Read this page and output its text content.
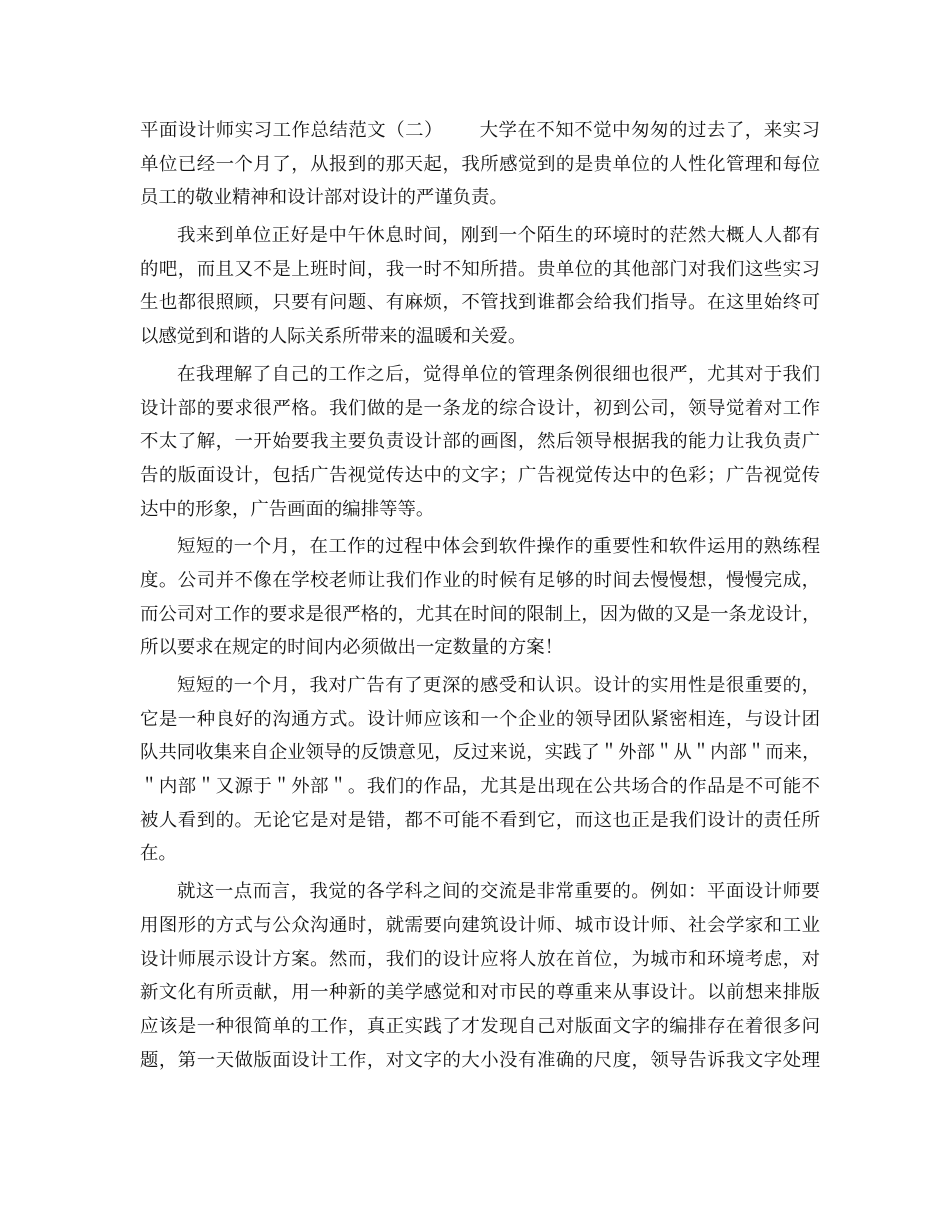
平面设计师实习工作总结范文（二） 大学在不知不觉中匆匆的过去了，来实习
单位已经一个月了，从报到的那天起，我所感觉到的是贵单位的人性化管理和每位
员工的敬业精神和设计部对设计的严谨负责。
我来到单位正好是中午休息时间，刚到一个陌生的环境时的茫然大概人人都有
的吧，而且又不是上班时间，我一时不知所措。贵单位的其他部门对我们这些实习
生也都很照顾，只要有问题、有麻烦，不管找到谁都会给我们指导。在这里始终可
以感觉到和谐的人际关系所带来的温暖和关爱。
在我理解了自己的工作之后，觉得单位的管理条例很细也很严，尤其对于我们
设计部的要求很严格。我们做的是一条龙的综合设计，初到公司，领导觉着对工作
不太了解，一开始要我主要负责设计部的画图，然后领导根据我的能力让我负责广
告的版面设计，包括广告视觉传达中的文字；广告视觉传达中的色彩；广告视觉传
达中的形象，广告画面的编排等等。
短短的一个月，在工作的过程中体会到软件操作的重要性和软件运用的熟练程
度。公司并不像在学校老师让我们作业的时候有足够的时间去慢慢想，慢慢完成，
而公司对工作的要求是很严格的，尤其在时间的限制上，因为做的又是一条龙设计，
所以要求在规定的时间内必须做出一定数量的方案！
短短的一个月，我对广告有了更深的感受和认识。设计的实用性是很重要的，
它是一种良好的沟通方式。设计师应该和一个企业的领导团队紧密相连，与设计团
队共同收集来自企业领导的反馈意见，反过来说，实践了＂外部＂从＂内部＂而来，
＂内部＂又源于＂外部＂。我们的作品，尤其是出现在公共场合的作品是不可能不
被人看到的。无论它是对是错，都不可能不看到它，而这也正是我们设计的责任所
在。
就这一点而言，我觉的各学科之间的交流是非常重要的。例如：平面设计师要
用图形的方式与公众沟通时，就需要向建筑设计师、城市设计师、社会学家和工业
设计师展示设计方案。然而，我们的设计应将人放在首位，为城市和环境考虑，对
新文化有所贡献，用一种新的美学感觉和对市民的尊重来从事设计。以前想来排版
应该是一种很简单的工作，真正实践了才发现自己对版面文字的编排存在着很多问
题，第一天做版面设计工作，对文字的大小没有准确的尺度，领导告诉我文字处理
